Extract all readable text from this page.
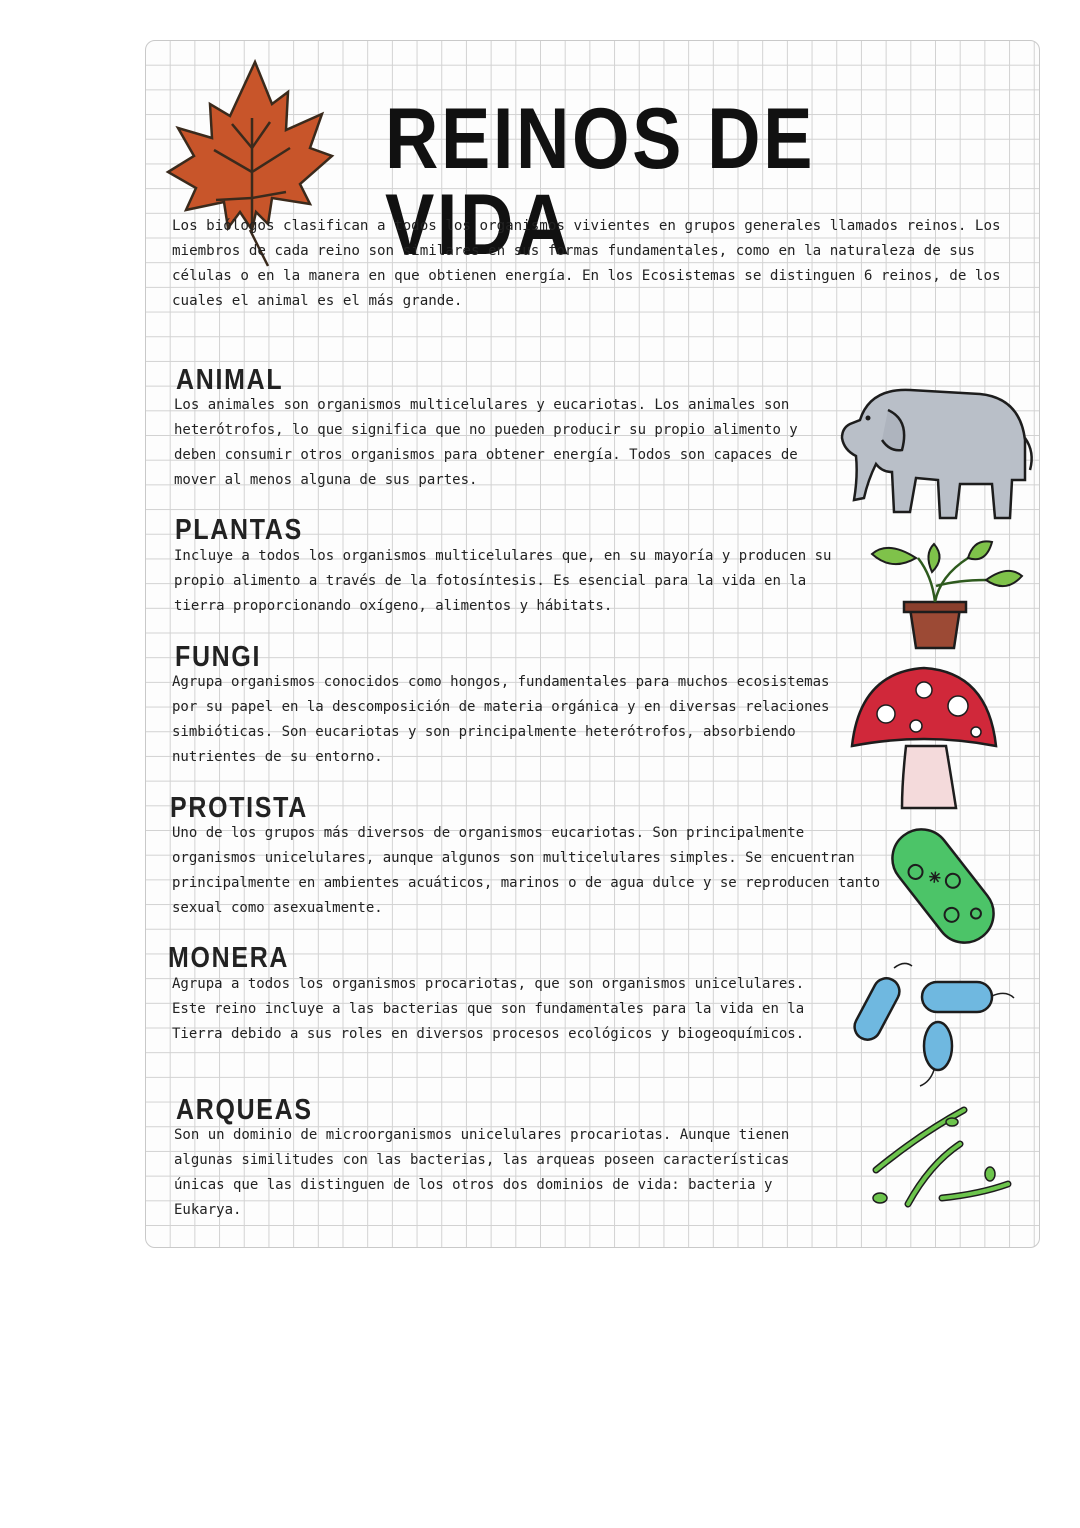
REINOS DE VIDA

Los biólogos clasifican a todos los organismos vivientes en grupos generales llamados reinos. Los miembros de cada reino son similares en sus formas fundamentales, como en la naturaleza de sus células o en la manera en que obtienen energía. En los Ecosistemas se distinguen 6 reinos, de los cuales el animal es el más grande.

ANIMAL

Los animales son organismos multicelulares y eucariotas. Los animales son heterótrofos, lo que significa que no pueden producir su propio alimento y deben consumir otros organismos para obtener energía. Todos son capaces de mover al menos alguna de sus partes.

PLANTAS

Incluye a todos los organismos multicelulares que, en su mayoría y producen su propio alimento a través de la fotosíntesis. Es esencial para la vida en la tierra proporcionando oxígeno, alimentos y hábitats.

FUNGI

Agrupa organismos conocidos como hongos, fundamentales para muchos ecosistemas por su papel en la descomposición de materia orgánica y en diversas relaciones simbióticas. Son eucariotas y son principalmente heterótrofos, absorbiendo nutrientes de su entorno.

PROTISTA

Uno de los grupos más diversos de organismos eucariotas. Son principalmente organismos unicelulares, aunque algunos son multicelulares simples. Se encuentran principalmente en ambientes acuáticos, marinos o de agua dulce y se reproducen tanto sexual como asexualmente.

MONERA

Agrupa a todos los organismos procariotas, que son organismos unicelulares. Este reino incluye a las bacterias que son fundamentales para la vida en la Tierra debido a sus roles en diversos procesos ecológicos y biogeoquímicos.

ARQUEAS

Son un dominio de microorganismos unicelulares procariotas. Aunque tienen algunas similitudes con las bacterias, las arqueas poseen características únicas que las distinguen de los otros dos dominios de vida: bacteria y Eukarya.
